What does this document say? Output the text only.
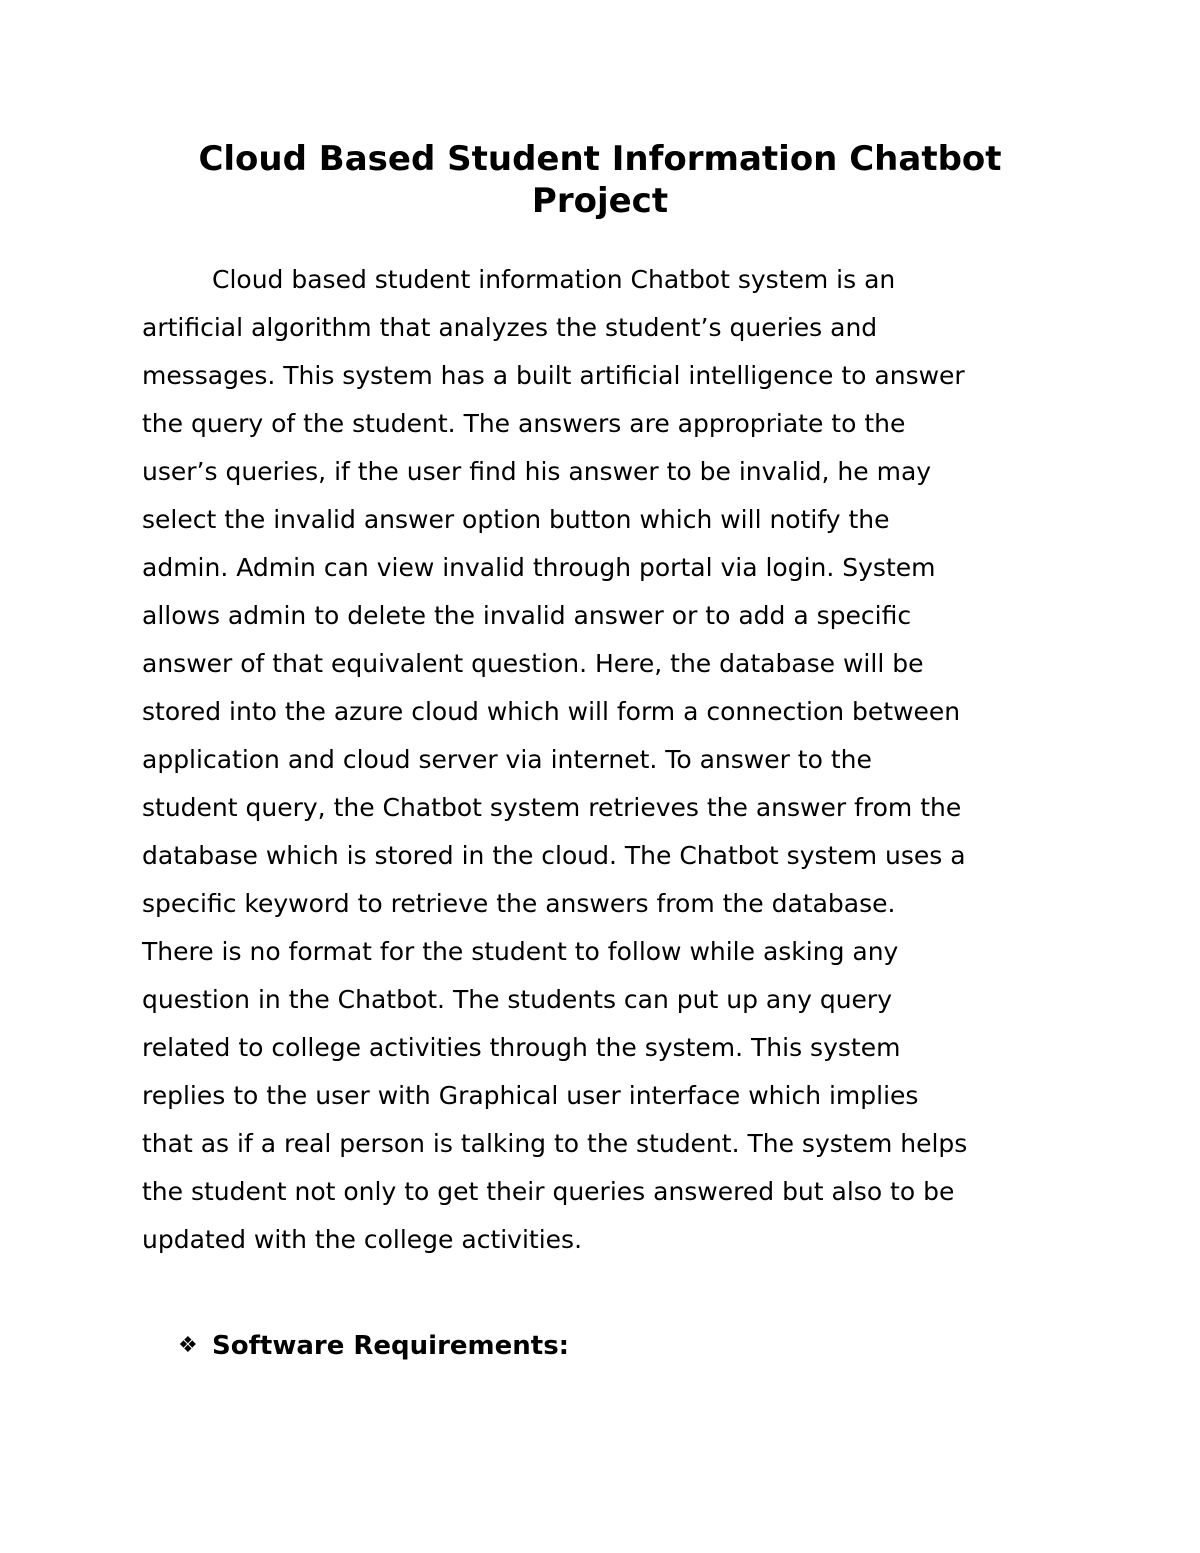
Cloud Based Student Information Chatbot
Project

Cloud based student information Chatbot system is an
artificial algorithm that analyzes the student’s queries and
messages. This system has a built artificial intelligence to answer
the query of the student. The answers are appropriate to the
user’s queries, if the user find his answer to be invalid, he may
select the invalid answer option button which will notify the
admin. Admin can view invalid through portal via login. System
allows admin to delete the invalid answer or to add a specific
answer of that equivalent question. Here, the database will be
stored into the azure cloud which will form a connection between
application and cloud server via internet. To answer to the
student query, the Chatbot system retrieves the answer from the
database which is stored in the cloud. The Chatbot system uses a
specific keyword to retrieve the answers from the database.
There is no format for the student to follow while asking any
question in the Chatbot. The students can put up any query
related to college activities through the system. This system
replies to the user with Graphical user interface which implies
that as if a real person is talking to the student. The system helps
the student not only to get their queries answered but also to be
updated with the college activities.

❖ Software Requirements:
